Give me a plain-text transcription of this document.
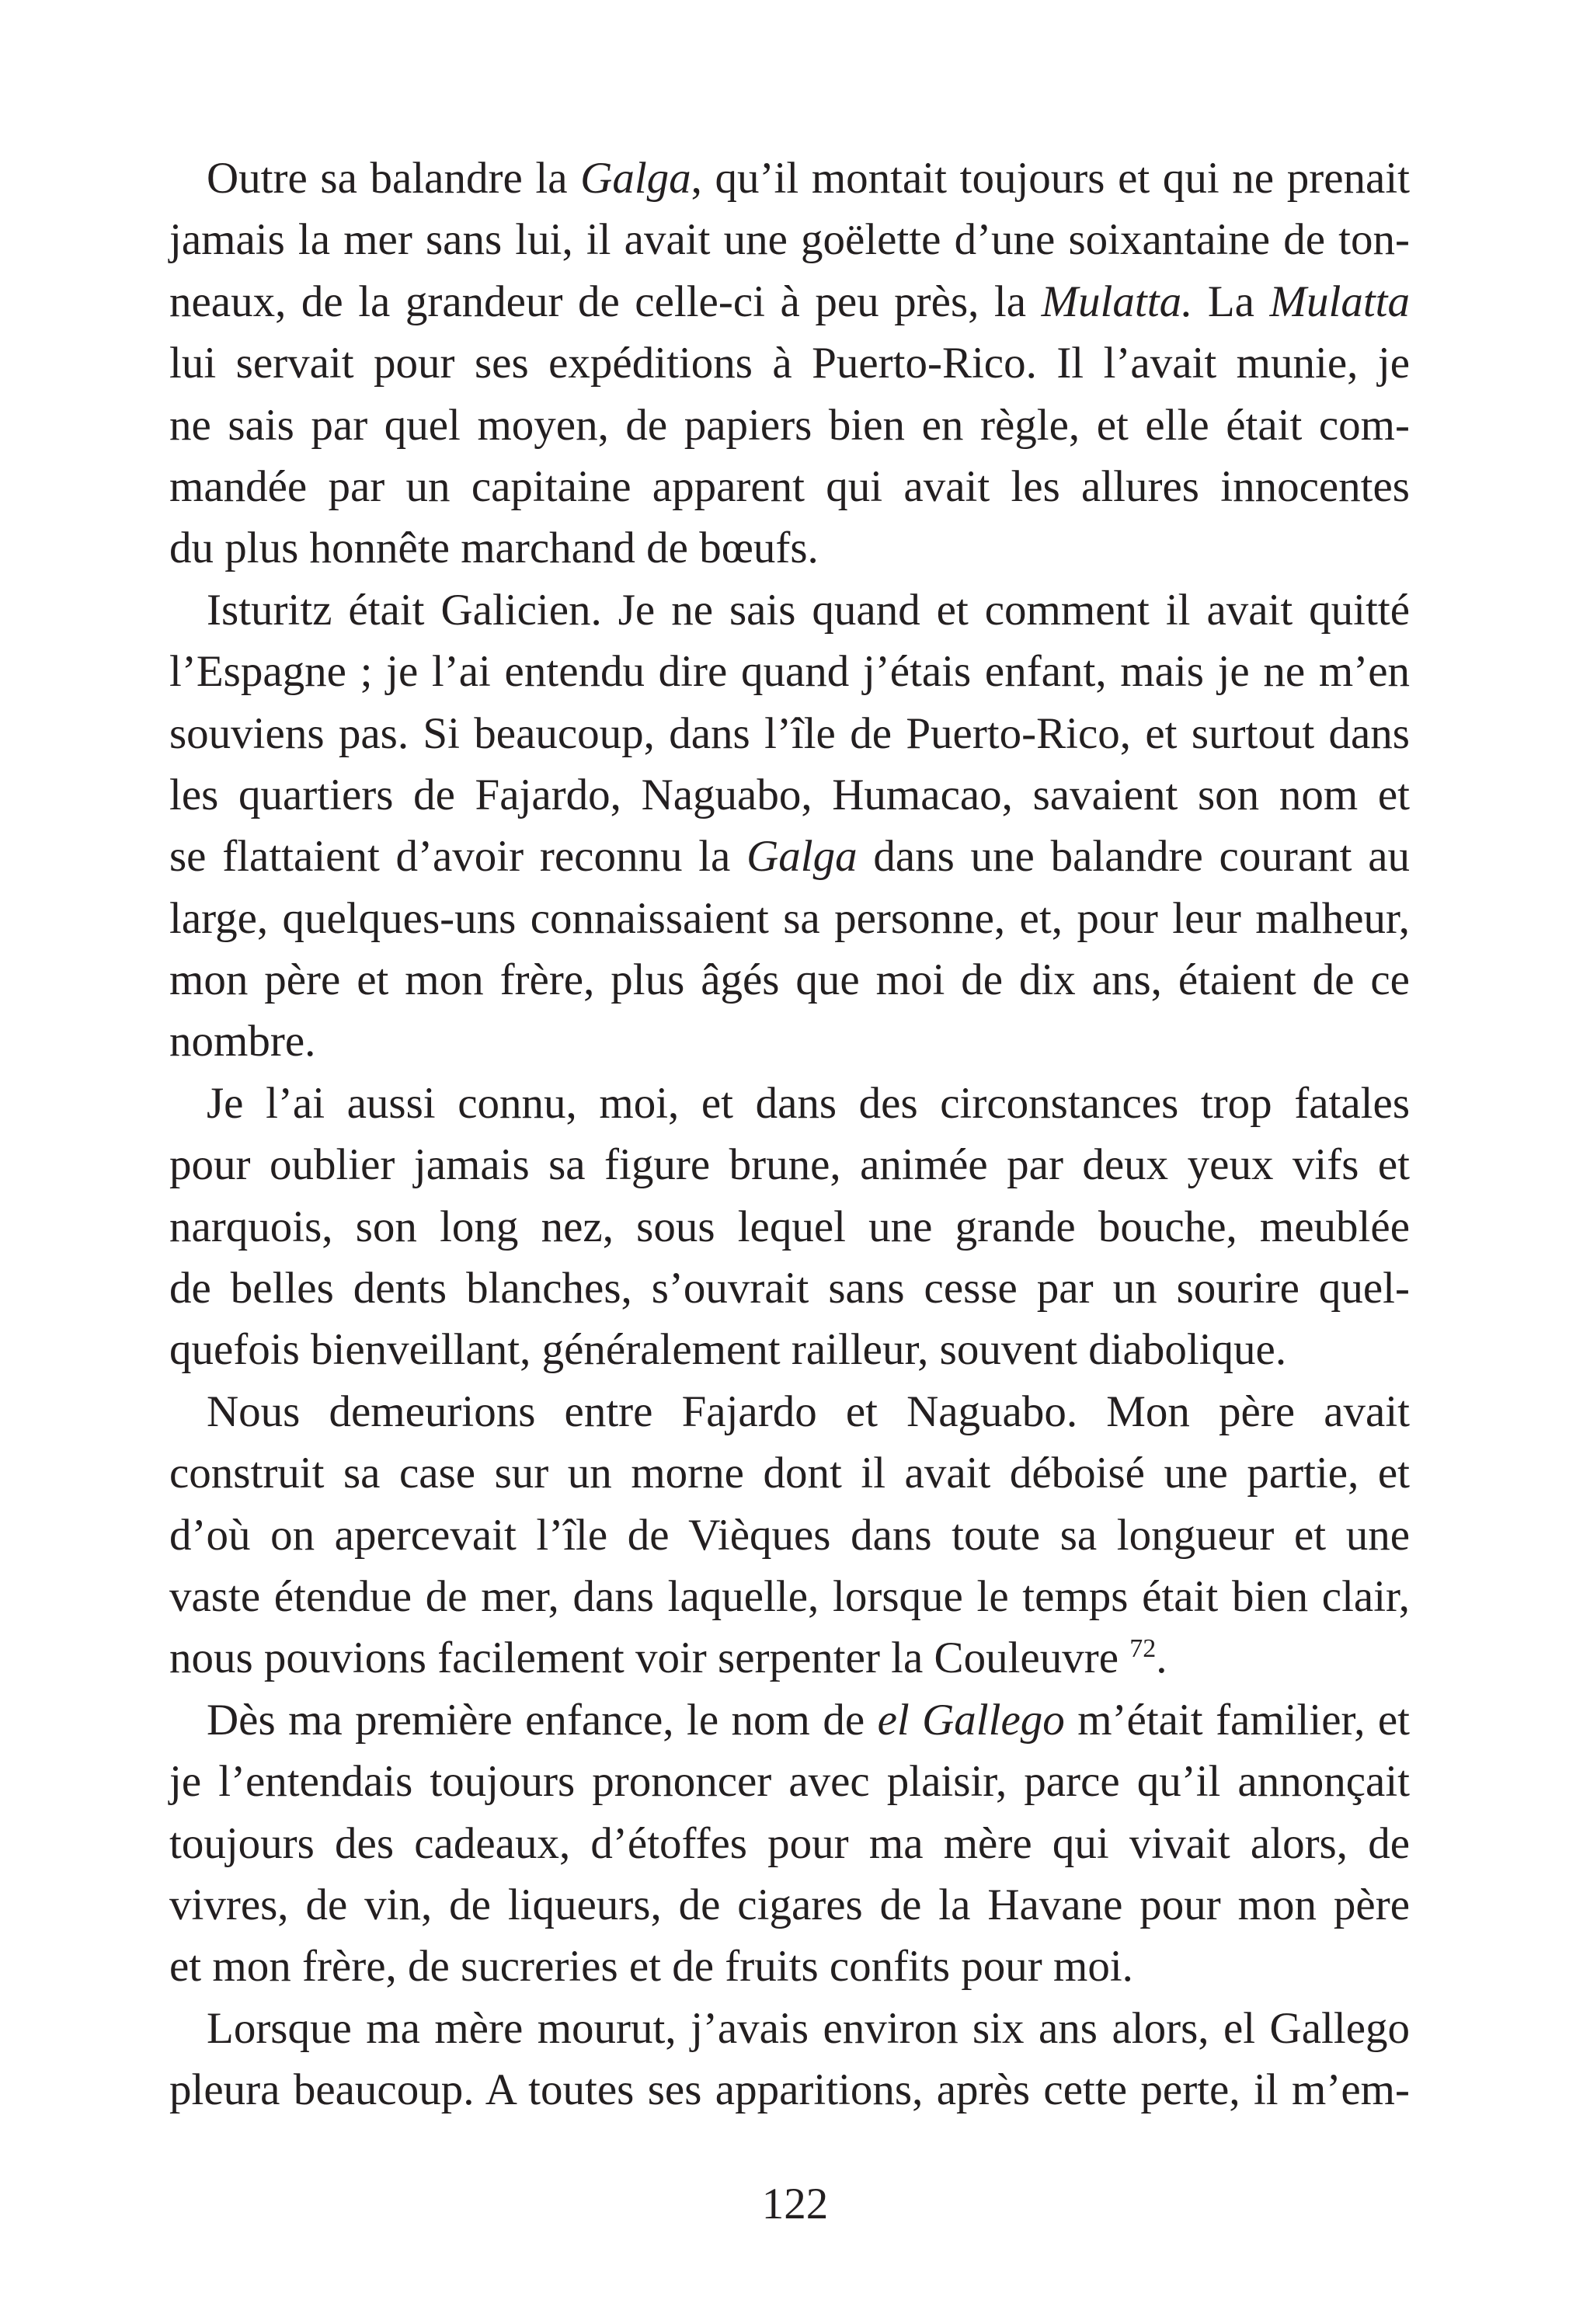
Outre sa balandre la Galga, qu’il montait toujours et qui ne prenait
jamais la mer sans lui, il avait une goëlette d’une soixantaine de ton-
neaux, de la grandeur de celle-ci à peu près, la Mulatta. La Mulatta
lui servait pour ses expéditions à Puerto-Rico. Il l’avait munie, je
ne sais par quel moyen, de papiers bien en règle, et elle était com-
mandée par un capitaine apparent qui avait les allures innocentes
du plus honnête marchand de bœufs.
Isturitz était Galicien. Je ne sais quand et comment il avait quitté
l’Espagne ; je l’ai entendu dire quand j’étais enfant, mais je ne m’en
souviens pas. Si beaucoup, dans l’île de Puerto-Rico, et surtout dans
les quartiers de Fajardo, Naguabo, Humacao, savaient son nom et
se flattaient d’avoir reconnu la Galga dans une balandre courant au
large, quelques-uns connaissaient sa personne, et, pour leur malheur,
mon père et mon frère, plus âgés que moi de dix ans, étaient de ce
nombre.
Je l’ai aussi connu, moi, et dans des circonstances trop fatales
pour oublier jamais sa figure brune, animée par deux yeux vifs et
narquois, son long nez, sous lequel une grande bouche, meublée
de belles dents blanches, s’ouvrait sans cesse par un sourire quel-
quefois bienveillant, généralement railleur, souvent diabolique.
Nous demeurions entre Fajardo et Naguabo. Mon père avait
construit sa case sur un morne dont il avait déboisé une partie, et
d’où on apercevait l’île de Vièques dans toute sa longueur et une
vaste étendue de mer, dans laquelle, lorsque le temps était bien clair,
nous pouvions facilement voir serpenter la Couleuvre $^{72}$.
Dès ma première enfance, le nom de el Gallego m’était familier, et
je l’entendais toujours prononcer avec plaisir, parce qu’il annonçait
toujours des cadeaux, d’étoffes pour ma mère qui vivait alors, de
vivres, de vin, de liqueurs, de cigares de la Havane pour mon père
et mon frère, de sucreries et de fruits confits pour moi.
Lorsque ma mère mourut, j’avais environ six ans alors, el Gallego
pleura beaucoup. A toutes ses apparitions, après cette perte, il m’em-
122
